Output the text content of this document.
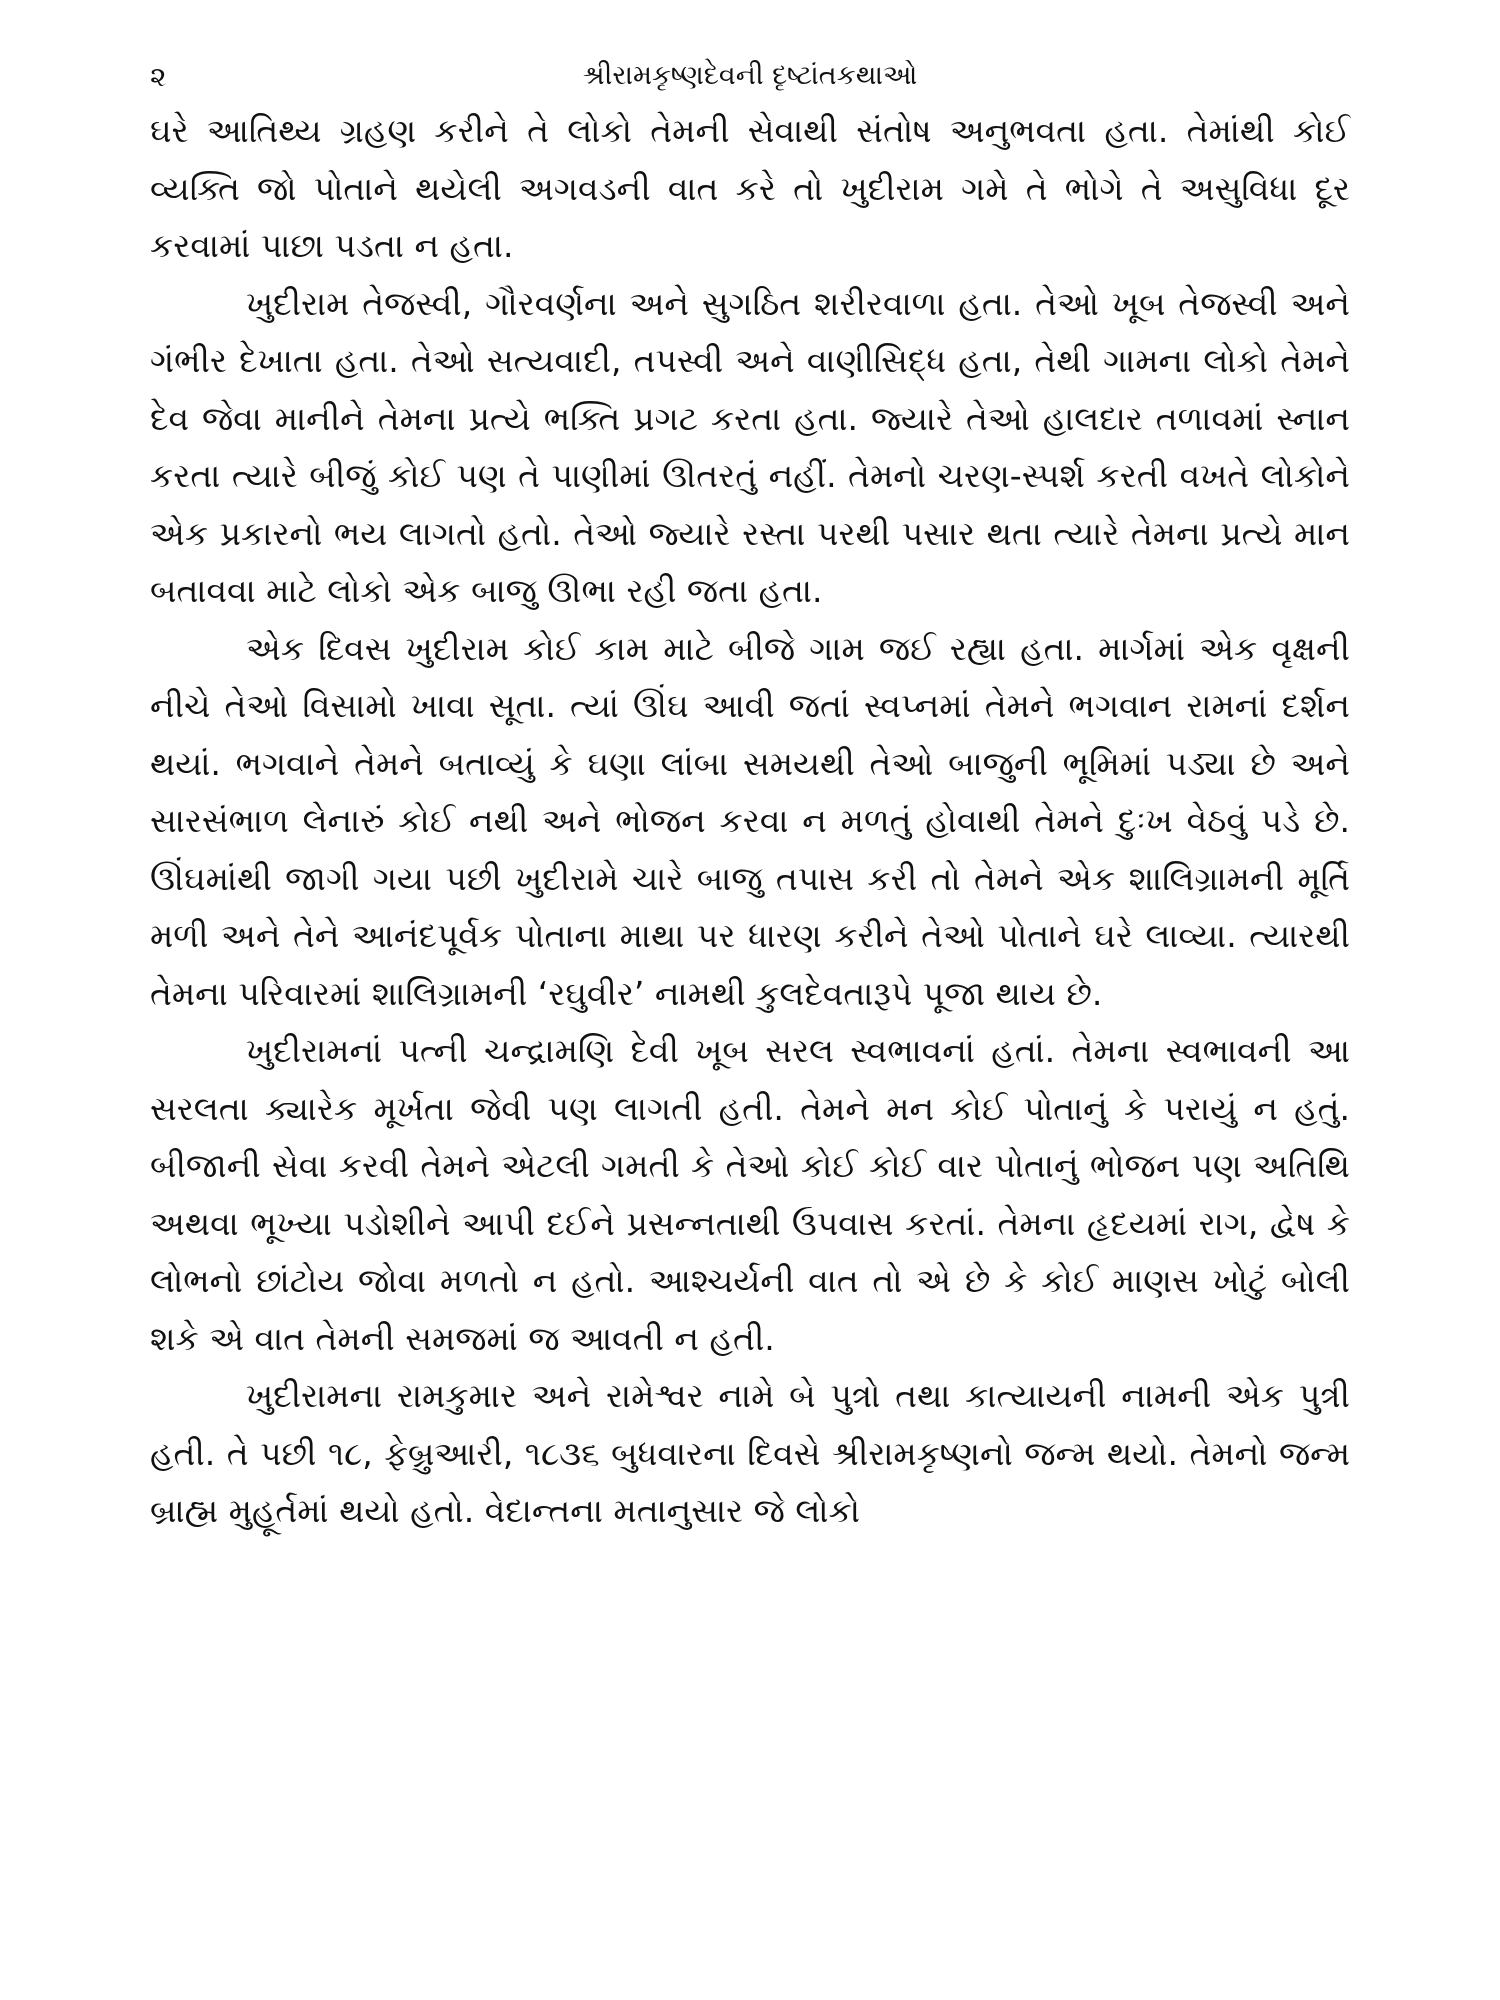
૨	શ્રીરામકૃષ્ણદેવની દૃષ્ટાંતકથાઓ

ઘરે આતિથ્ય ગ્રહણ કરીને તે લોકો તેમની સેવાથી સંતોષ અનુભવતા હતા. તેમાંથી કોઈ વ્યક્તિ જો પોતાને થયેલી અગવડની વાત કરે તો ખુદીરામ ગમે તે ભોગે તે અસુવિધા દૂર કરવામાં પાછા પડતા ન હતા.

ખુદીરામ તેજસ્વી, ગૌરવર્ણના અને સુગઠિત શરીરવાળા હતા. તેઓ ખૂબ તેજસ્વી અને ગંભીર દેખાતા હતા. તેઓ સત્યવાદી, તપસ્વી અને વાણીસિદ્ધ હતા, તેથી ગામના લોકો તેમને દેવ જેવા માનીને તેમના પ્રત્યે ભક્તિ પ્રગટ કરતા હતા. જ્યારે તેઓ હાલદાર તળાવમાં સ્નાન કરતા ત્યારે બીજું કોઈ પણ તે પાણીમાં ઊતરતું નહીં. તેમનો ચરણ-સ્પર્શ કરતી વખતે લોકોને એક પ્રકારનો ભય લાગતો હતો. તેઓ જ્યારે રસ્તા પરથી પસાર થતા ત્યારે તેમના પ્રત્યે માન બતાવવા માટે લોકો એક બાજુ ઊભા રહી જતા હતા.

એક દિવસ ખુદીરામ કોઈ કામ માટે બીજે ગામ જઈ રહ્યા હતા. માર્ગમાં એક વૃક્ષની નીચે તેઓ વિસામો ખાવા સૂતા. ત્યાં ઊંઘ આવી જતાં સ્વપ્નમાં તેમને ભગવાન રામનાં દર્શન થયાં. ભગવાને તેમને બતાવ્યું કે ઘણા લાંબા સમયથી તેઓ બાજુની ભૂમિમાં પડ્યા છે અને સારસંભાળ લેનારું કોઈ નથી અને ભોજન કરવા ન મળતું હોવાથી તેમને દુઃખ વેઠવું પડે છે. ઊંઘમાંથી જાગી ગયા પછી ખુદીરામે ચારે બાજુ તપાસ કરી તો તેમને એક શાલિગ્રામની મૂર્તિ મળી અને તેને આનંદપૂર્વક પોતાના માથા પર ધારણ કરીને તેઓ પોતાને ઘરે લાવ્યા. ત્યારથી તેમના પરિવારમાં શાલિગ્રામની ‘રઘુવીર’ નામથી કુલદેવતારૂપે પૂજા થાય છે.

ખુદીરામનાં પત્ની ચન્દ્રામણિ દેવી ખૂબ સરલ સ્વભાવનાં હતાં. તેમના સ્વભાવની આ સરલતા ક્યારેક મૂર્ખતા જેવી પણ લાગતી હતી. તેમને મન કોઈ પોતાનું કે પરાયું ન હતું. બીજાની સેવા કરવી તેમને એટલી ગમતી કે તેઓ કોઈ કોઈ વાર પોતાનું ભોજન પણ અતિથિ અથવા ભૂખ્યા પડોશીને આપી દઈને પ્રસન્નતાથી ઉપવાસ કરતાં. તેમના હૃદયમાં રાગ, દ્વેષ કે લોભનો છાંટોય જોવા મળતો ન હતો. આશ્ચર્યની વાત તો એ છે કે કોઈ માણસ ખોટું બોલી શકે એ વાત તેમની સમજમાં જ આવતી ન હતી.

ખુદીરામના રામકુમાર અને રામેશ્વર નામે બે પુત્રો તથા કાત્યાયની નામની એક પુત્રી હતી. તે પછી ૧૮, ફેબ્રુઆરી, ૧૮૩૬ બુધવારના દિવસે શ્રીરામકૃષ્ણનો જન્મ થયો. તેમનો જન્મ બ્રાહ્મ મુહૂર્તમાં થયો હતો. વેદાન્તના મતાનુસાર જે લોકો
